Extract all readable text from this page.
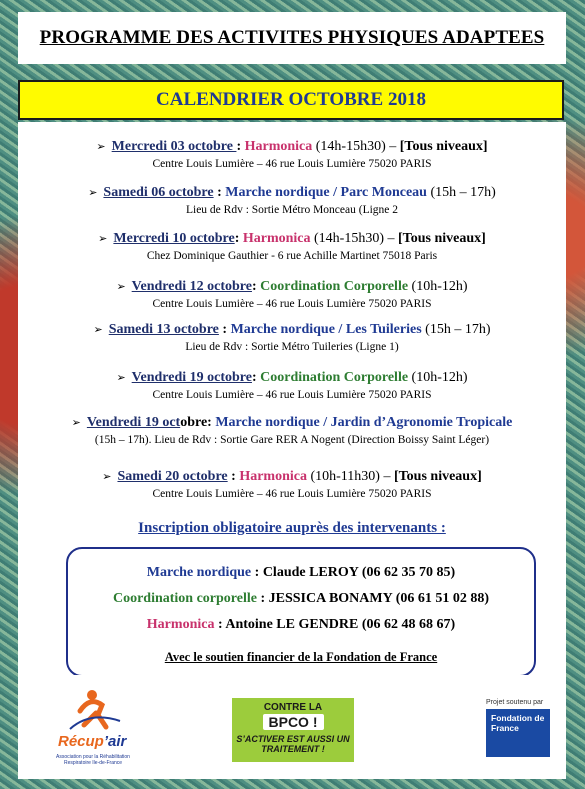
PROGRAMME DES ACTIVITES PHYSIQUES ADAPTEES
CALENDRIER OCTOBRE 2018
➢ Mercredi 03 octobre : Harmonica (14h-15h30) – [Tous niveaux]
Centre Louis Lumière – 46 rue Louis Lumière 75020 PARIS
➢ Samedi 06 octobre : Marche nordique / Parc Monceau (15h – 17h)
Lieu de Rdv : Sortie Métro Monceau (Ligne 2
➢ Mercredi 10 octobre: Harmonica (14h-15h30) – [Tous niveaux]
Chez Dominique Gauthier - 6 rue Achille Martinet 75018 Paris
➢ Vendredi 12 octobre: Coordination Corporelle (10h-12h)
Centre Louis Lumière – 46 rue Louis Lumière 75020 PARIS
➢ Samedi 13 octobre : Marche nordique / Les Tuileries (15h – 17h)
Lieu de Rdv : Sortie Métro Tuileries (Ligne 1)
➢ Vendredi 19 octobre: Coordination Corporelle (10h-12h)
Centre Louis Lumière – 46 rue Louis Lumière 75020 PARIS
➢ Vendredi 19 octobre: Marche nordique / Jardin d’Agronomie Tropicale
(15h – 17h). Lieu de Rdv : Sortie Gare RER A Nogent (Direction Boissy Saint Léger)
➢ Samedi 20 octobre : Harmonica (10h-11h30) – [Tous niveaux]
Centre Louis Lumière – 46 rue Louis Lumière 75020 PARIS
Inscription obligatoire auprès des intervenants :
Marche nordique : Claude LEROY (06 62 35 70 85)
Coordination corporelle : JESSICA BONAMY (06 61 51 02 88)
Harmonica : Antoine LE GENDRE (06 62 48 68 67)
Avec le soutien financier de la Fondation de France
Récup’air
Association pour la Réhabilitation Respiratoire Ile-de-France
CONTRE LA
BPCO !
S’ACTIVER EST AUSSI UN TRAITEMENT !
Projet soutenu par
Fondation de France
